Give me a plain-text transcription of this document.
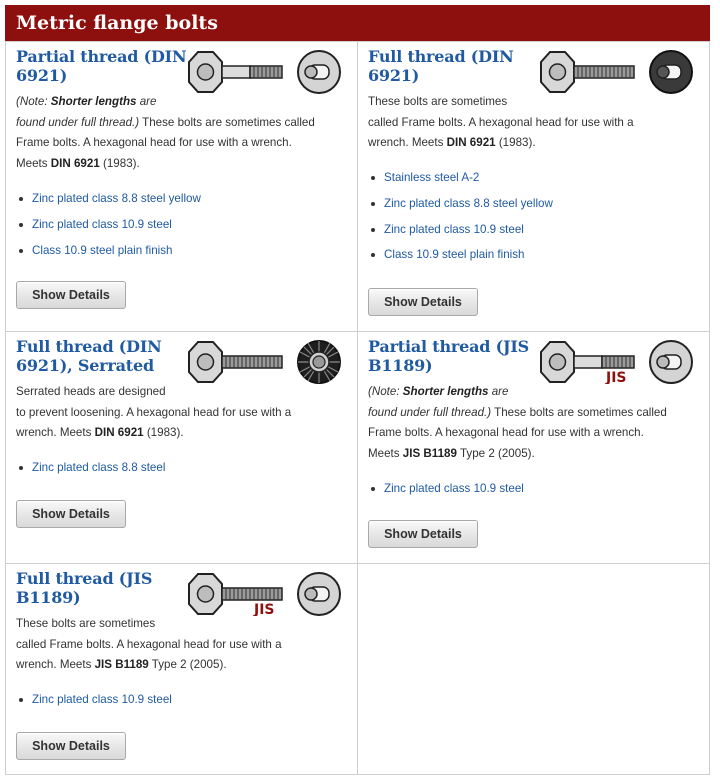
Metric flange bolts
Partial thread (DIN 6921)
(Note: Shorter lengths are
found under full thread.) These bolts are sometimes called
Frame bolts. A hexagonal head for use with a wrench.
Meets DIN 6921 (1983).
Zinc plated class 8.8 steel yellow
Zinc plated class 10.9 steel
Class 10.9 steel plain finish
Show Details
Full thread (DIN 6921)
These bolts are sometimes
called Frame bolts. A hexagonal head for use with a
wrench. Meets DIN 6921 (1983).
Stainless steel A-2
Zinc plated class 8.8 steel yellow
Zinc plated class 10.9 steel
Class 10.9 steel plain finish
Show Details
Full thread (DIN 6921), Serrated
Serrated heads are designed
to prevent loosening. A hexagonal head for use with a
wrench. Meets DIN 6921 (1983).
Zinc plated class 8.8 steel
Show Details
Partial thread (JIS B1189)
JIS
(Note: Shorter lengths are
found under full thread.) These bolts are sometimes called
Frame bolts. A hexagonal head for use with a wrench.
Meets JIS B1189 Type 2 (2005).
Zinc plated class 10.9 steel
Show Details
Full thread (JIS B1189)
JIS
These bolts are sometimes
called Frame bolts. A hexagonal head for use with a
wrench. Meets JIS B1189 Type 2 (2005).
Zinc plated class 10.9 steel
Show Details
